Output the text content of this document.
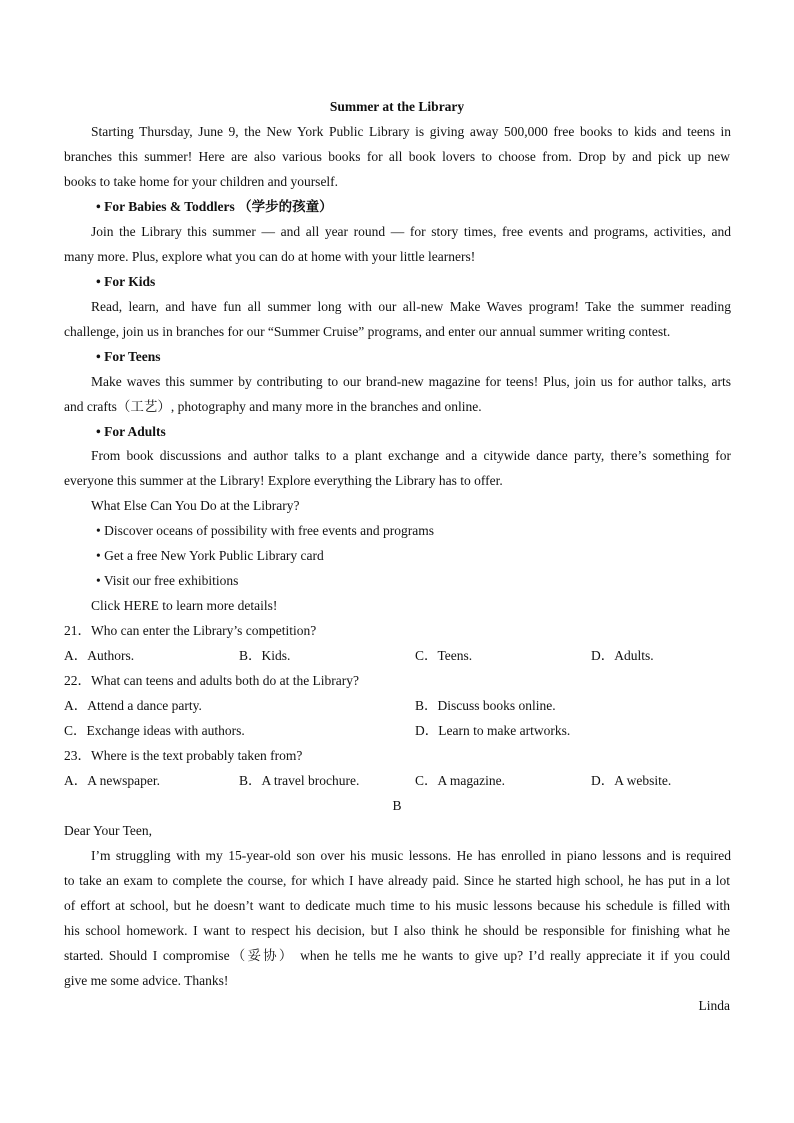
Summer at the Library
Starting Thursday, June 9, the New York Public Library is giving away 500,000 free books to kids and teens in
branches this summer! Here are also various books for all book lovers to choose from. Drop by and pick up new
books to take home for your children and yourself.
• For Babies & Toddlers （学步的孩童）
Join the Library this summer — and all year round — for story times, free events and programs, activities, and
many more. Plus, explore what you can do at home with your little learners!
• For Kids
Read, learn, and have fun all summer long with our all-new Make Waves program! Take the summer reading
challenge, join us in branches for our “Summer Cruise” programs, and enter our annual summer writing contest.
• For Teens
Make waves this summer by contributing to our brand-new magazine for teens! Plus, join us for author talks, arts
and crafts（工艺）, photography and many more in the branches and online.
• For Adults
From book discussions and author talks to a plant exchange and a citywide dance party, there’s something for
everyone this summer at the Library! Explore everything the Library has to offer.
What Else Can You Do at the Library?
• Discover oceans of possibility with free events and programs
• Get a free New York Public Library card
• Visit our free exhibitions
Click HERE to learn more details!
21．Who can enter the Library’s competition?
A．Authors.	B．Kids.	C．Teens.	D．Adults.
22．What can teens and adults both do at the Library?
A．Attend a dance party.	B．Discuss books online.
C．Exchange ideas with authors.	D．Learn to make artworks.
23．Where is the text probably taken from?
A．A newspaper.	B．A travel brochure.	C．A magazine.	D．A website.
B
Dear Your Teen,
I’m struggling with my 15-year-old son over his music lessons. He has enrolled in piano lessons and is required
to take an exam to complete the course, for which I have already paid. Since he started high school, he has put in a lot
of effort at school, but he doesn’t want to dedicate much time to his music lessons because his schedule is filled with
his school homework. I want to respect his decision, but I also think he should be responsible for finishing what he
started. Should I compromise（妥协） when he tells me he wants to give up? I’d really appreciate it if you could
give me some advice. Thanks!
Linda
